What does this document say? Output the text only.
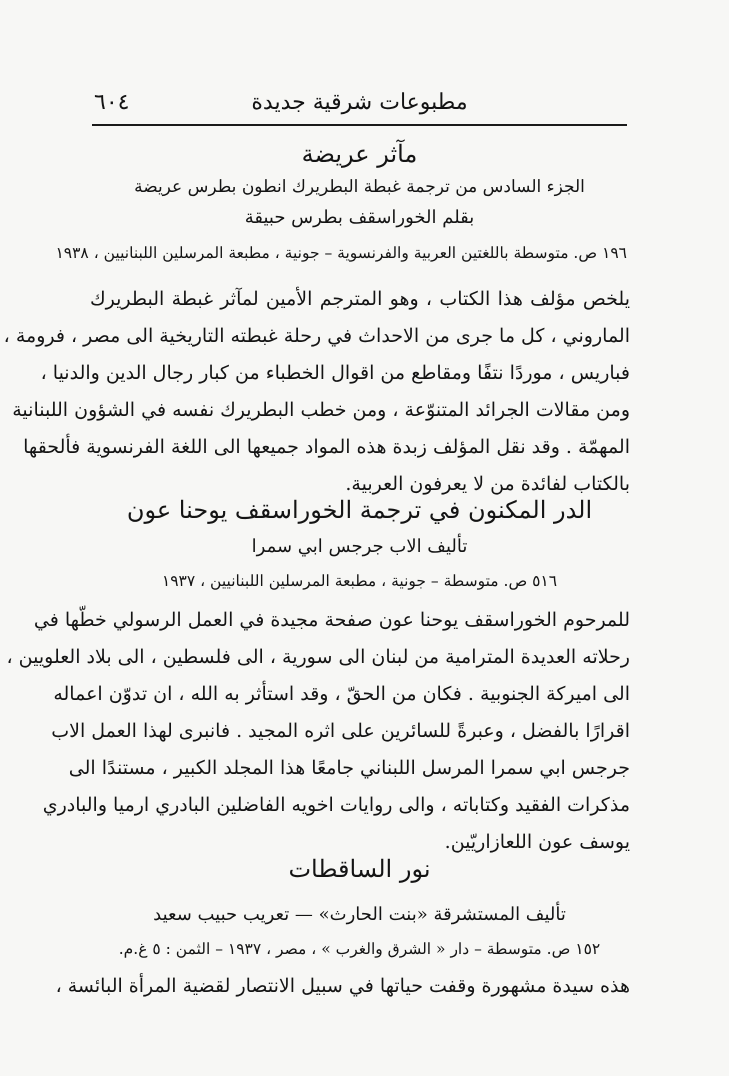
٦٠٤	مطبوعات شرقية جديدة
مآثر عريضة
الجزء السادس من ترجمة غبطة البطريرك انطون بطرس عريضة
بقلم الخوراسقف بطرس حبيقة
١٩٦ ص. متوسطة باللغتين العربية والفرنسوية – جونية ، مطبعة المرسلين اللبنانيين ، ١٩٣٨
يلخص مؤلف هذا الكتاب ، وهو المترجم الأمين لمآثر غبطة البطريرك
الماروني ، كل ما جرى من الاحداث في رحلة غبطته التاريخية الى مصر ، فرومة ،
فباريس ، موردًا نتفًا ومقاطع من اقوال الخطباء من كبار رجال الدين والدنيا ،
ومن مقالات الجرائد المتنوّعة ، ومن خطب البطريرك نفسه في الشؤون اللبنانية
المهمّة . وقد نقل المؤلف زبدة هذه المواد جميعها الى اللغة الفرنسوية فألحقها
بالكتاب لفائدة من لا يعرفون العربية.
الدر المكنون في ترجمة الخوراسقف يوحنا عون
تأليف الاب جرجس ابي سمرا
٥١٦ ص. متوسطة – جونية ، مطبعة المرسلين اللبنانيين ، ١٩٣٧
للمرحوم الخوراسقف يوحنا عون صفحة مجيدة في العمل الرسولي خطّها في
رحلاته العديدة المترامية من لبنان الى سورية ، الى فلسطين ، الى بلاد العلويين ،
الى اميركة الجنوبية . فكان من الحقّ ، وقد استأثر به الله ، ان تدوّن اعماله
اقرارًا بالفضل ، وعبرةً للسائرين على اثره المجيد . فانبرى لهذا العمل الاب
جرجس ابي سمرا المرسل اللبناني جامعًا هذا المجلد الكبير ، مستندًا الى
مذكرات الفقيد وكتاباته ، والى روايات اخويه الفاضلين البادري ارميا والبادري
يوسف عون اللعازاريّين.
نور الساقطات
تأليف المستشرقة «بنت الحارث» — تعريب حبيب سعيد
١٥٢ ص. متوسطة – دار « الشرق والغرب » ، مصر ، ١٩٣٧ – الثمن : ٥ غ.م.
هذه سيدة مشهورة وقفت حياتها في سبيل الانتصار لقضية المرأة البائسة ،
